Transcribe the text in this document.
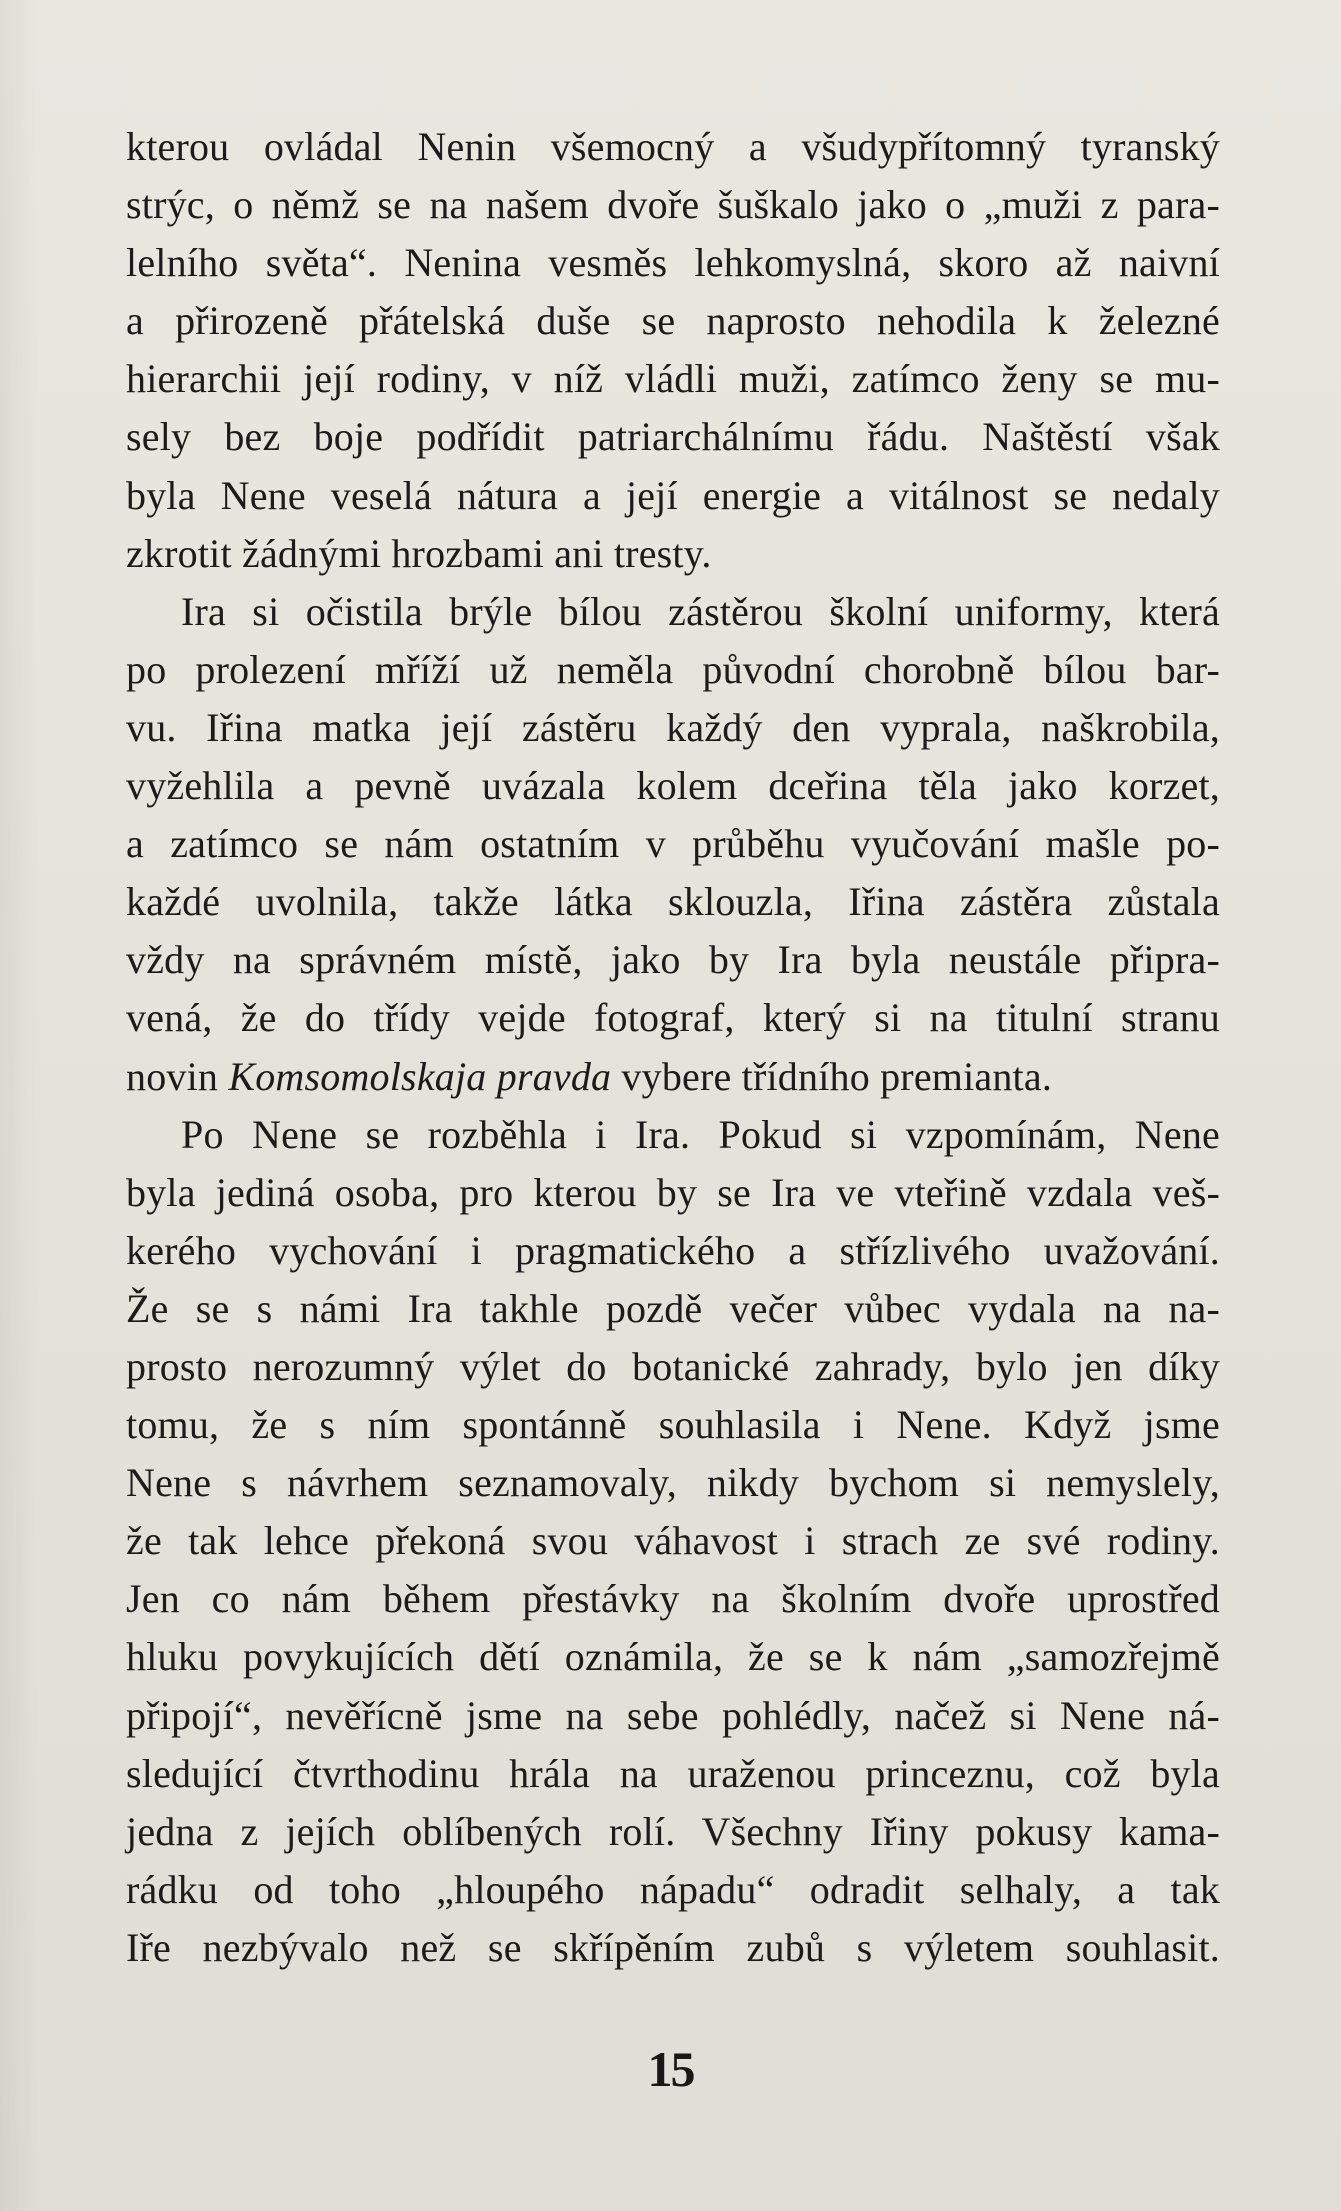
kterou ovládal Nenin všemocný a všudypřítomný tyranský
strýc, o němž se na našem dvoře šuškalo jako o „muži z para-
lelního světa“. Nenina vesměs lehkomyslná, skoro až naivní
a přirozeně přátelská duše se naprosto nehodila k železné
hierarchii její rodiny, v níž vládli muži, zatímco ženy se mu-
sely bez boje podřídit patriarchálnímu řádu. Naštěstí však
byla Nene veselá nátura a její energie a vitálnost se nedaly
zkrotit žádnými hrozbami ani tresty.

Ira si očistila brýle bílou zástěrou školní uniformy, která
po prolezení mříží už neměla původní chorobně bílou bar-
vu. Iřina matka její zástěru každý den vyprala, naškrobila,
vyžehlila a pevně uvázala kolem dceřina těla jako korzet,
a zatímco se nám ostatním v průběhu vyučování mašle po-
každé uvolnila, takže látka sklouzla, Iřina zástěra zůstala
vždy na správném místě, jako by Ira byla neustále připra-
vená, že do třídy vejde fotograf, který si na titulní stranu
novin Komsomolskaja pravda vybere třídního premianta.

Po Nene se rozběhla i Ira. Pokud si vzpomínám, Nene
byla jediná osoba, pro kterou by se Ira ve vteřině vzdala veš-
kerého vychování i pragmatického a střízlivého uvažování.
Že se s námi Ira takhle pozdě večer vůbec vydala na na-
prosto nerozumný výlet do botanické zahrady, bylo jen díky
tomu, že s ním spontánně souhlasila i Nene. Když jsme
Nene s návrhem seznamovaly, nikdy bychom si nemyslely,
že tak lehce překoná svou váhavost i strach ze své rodiny.
Jen co nám během přestávky na školním dvoře uprostřed
hluku povykujících dětí oznámila, že se k nám „samozřejmě
připojí“, nevěřícně jsme na sebe pohlédly, načež si Nene ná-
sledující čtvrthodinu hrála na uraženou princeznu, což byla
jedna z jejích oblíbených rolí. Všechny Iřiny pokusy kama-
rádku od toho „hloupého nápadu“ odradit selhaly, a tak
Iře nezbývalo než se skřípěním zubů s výletem souhlasit.

15
